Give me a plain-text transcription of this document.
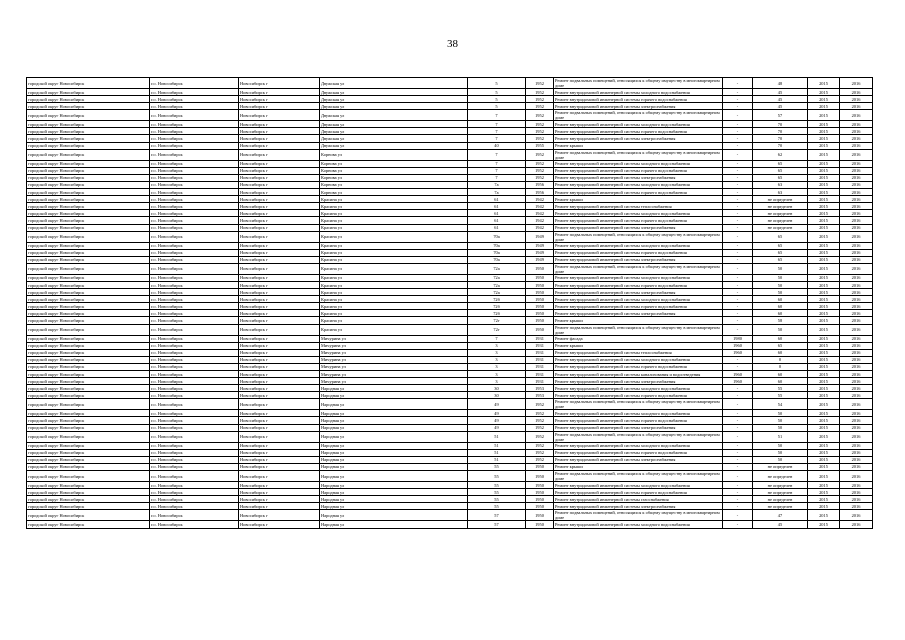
38
городской округ Новосибирск	г.о. Новосибирск	Новосибирск г	Двужская ул	5	1952	Ремонт подвальных помещений, относящихся к общему имуществу в многоквартирном доме	-	48	2015	2016
городской округ Новосибирск	г.о. Новосибирск	Новосибирск г	Двужская ул	5	1952	Ремонт внутридомовой инженерной системы холодного водоснабжения	-	45	2015	2016
городской округ Новосибирск	г.о. Новосибирск	Новосибирск г	Двужская ул	5	1952	Ремонт внутридомовой инженерной системы горячего водоснабжения	-	45	2015	2016
городской округ Новосибирск	г.о. Новосибирск	Новосибирск г	Двужская ул	5	1952	Ремонт внутридомовой инженерной системы электроснабжения	-	45	2015	2016
городской округ Новосибирск	г.о. Новосибирск	Новосибирск г	Двужская ул	7	1952	Ремонт подвальных помещений, относящихся к общему имуществу в многоквартирном доме	-	57	2015	2016
городской округ Новосибирск	г.о. Новосибирск	Новосибирск г	Двужская ул	7	1952	Ремонт внутридомовой инженерной системы холодного водоснабжения	-	70	2015	2016
городской округ Новосибирск	г.о. Новосибирск	Новосибирск г	Двужская ул	7	1952	Ремонт внутридомовой инженерной системы горячего водоснабжения	-	70	2015	2016
городской округ Новосибирск	г.о. Новосибирск	Новосибирск г	Двужская ул	7	1952	Ремонт внутридомовой инженерной системы электроснабжения	-	70	2015	2016
городской округ Новосибирск	г.о. Новосибирск	Новосибирск г	Двужская ул	40	1955	Ремонт крыши	-	70	2015	2016
городской округ Новосибирск	г.о. Новосибирск	Новосибирск г	Корнова ул	7	1952	Ремонт подвальных помещений, относящихся к общему имуществу в многоквартирном доме	-	62	2015	2016
городской округ Новосибирск	г.о. Новосибирск	Новосибирск г	Корнова ул	7	1952	Ремонт внутридомовой инженерной системы холодного водоснабжения	-	65	2015	2016
городской округ Новосибирск	г.о. Новосибирск	Новосибирск г	Корнова ул	7	1952	Ремонт внутридомовой инженерной системы горячего водоснабжения	-	65	2015	2016
городской округ Новосибирск	г.о. Новосибирск	Новосибирск г	Корнова ул	7	1952	Ремонт внутридомовой инженерной системы электроснабжения	-	65	2015	2016
городской округ Новосибирск	г.о. Новосибирск	Новосибирск г	Корнова ул	7а	1956	Ремонт внутридомовой инженерной системы холодного водоснабжения	-	63	2015	2016
городской округ Новосибирск	г.о. Новосибирск	Новосибирск г	Корнова ул	7а	1956	Ремонт внутридомовой инженерной системы горячего водоснабжения	-	63	2015	2016
городской округ Новосибирск	г.о. Новосибирск	Новосибирск г	Красина ул	61	1942	Ремонт крыши	-	не определен	2015	2016
городской округ Новосибирск	г.о. Новосибирск	Новосибирск г	Красина ул	61	1942	Ремонт внутридомовой инженерной системы теплоснабжения	-	не определен	2015	2016
городской округ Новосибирск	г.о. Новосибирск	Новосибирск г	Красина ул	61	1942	Ремонт внутридомовой инженерной системы холодного водоснабжения	-	не определен	2015	2016
городской округ Новосибирск	г.о. Новосибирск	Новосибирск г	Красина ул	61	1942	Ремонт внутридомовой инженерной системы горячего водоснабжения	-	не определен	2015	2016
городской округ Новосибирск	г.о. Новосибирск	Новосибирск г	Красина ул	61	1942	Ремонт внутридомовой инженерной системы электроснабжения	-	не определен	2015	2016
городской округ Новосибирск	г.о. Новосибирск	Новосибирск г	Красина ул	70а	1949	Ремонт подвальных помещений, относящихся к общему имуществу в многоквартирном доме	-	65	2015	2016
городской округ Новосибирск	г.о. Новосибирск	Новосибирск г	Красина ул	70а	1949	Ремонт внутридомовой инженерной системы холодного водоснабжения	-	65	2015	2016
городской округ Новосибирск	г.о. Новосибирск	Новосибирск г	Красина ул	70а	1949	Ремонт внутридомовой инженерной системы горячего водоснабжения	-	65	2015	2016
городской округ Новосибирск	г.о. Новосибирск	Новосибирск г	Красина ул	70а	1949	Ремонт внутридомовой инженерной системы электроснабжения	-	65	2015	2016
городской округ Новосибирск	г.о. Новосибирск	Новосибирск г	Красина ул	72а	1950	Ремонт подвальных помещений, относящихся к общему имуществу в многоквартирном доме	-	50	2015	2016
городской округ Новосибирск	г.о. Новосибирск	Новосибирск г	Красина ул	72а	1950	Ремонт внутридомовой инженерной системы холодного водоснабжения	-	50	2015	2016
городской округ Новосибирск	г.о. Новосибирск	Новосибирск г	Красина ул	72а	1950	Ремонт внутридомовой инженерной системы горячего водоснабжения	-	50	2015	2016
городской округ Новосибирск	г.о. Новосибирск	Новосибирск г	Красина ул	72а	1950	Ремонт внутридомовой инженерной системы электроснабжения	-	50	2015	2016
городской округ Новосибирск	г.о. Новосибирск	Новосибирск г	Красина ул	72б	1950	Ремонт внутридомовой инженерной системы холодного водоснабжения	-	60	2015	2016
городской округ Новосибирск	г.о. Новосибирск	Новосибирск г	Красина ул	72б	1950	Ремонт внутридомовой инженерной системы горячего водоснабжения	-	60	2015	2016
городской округ Новосибирск	г.о. Новосибирск	Новосибирск г	Красина ул	72б	1950	Ремонт внутридомовой инженерной системы электроснабжения	-	60	2015	2016
городской округ Новосибирск	г.о. Новосибирск	Новосибирск г	Красина ул	72г	1950	Ремонт крыши	-	58	2015	2016
городской округ Новосибирск	г.о. Новосибирск	Новосибирск г	Красина ул	72г	1950	Ремонт подвальных помещений, относящихся к общему имуществу в многоквартирном доме	-	50	2015	2016
городской округ Новосибирск	г.о. Новосибирск	Новосибирск г	Мичурина ул	7	1931	Ремонт фасада	1980	60	2015	2016
городской округ Новосибирск	г.о. Новосибирск	Новосибирск г	Мичурина ул	3	1931	Ремонт крыши	1960	65	2015	2016
городской округ Новосибирск	г.о. Новосибирск	Новосибирск г	Мичурина ул	3	1931	Ремонт внутридомовой инженерной системы теплоснабжения	1960	60	2015	2016
городской округ Новосибирск	г.о. Новосибирск	Новосибирск г	Мичурина ул	3	1931	Ремонт внутридомовой инженерной системы холодного водоснабжения	-	0	2015	2016
городской округ Новосибирск	г.о. Новосибирск	Новосибирск г	Мичурина ул	3	1931	Ремонт внутридомовой инженерной системы горячего водоснабжения	-	0	2015	2016
городской округ Новосибирск	г.о. Новосибирск	Новосибирск г	Мичурина ул	3	1931	Ремонт внутридомовой инженерной системы канализования и водоотведения	1960	60	2015	2016
городской округ Новосибирск	г.о. Новосибирск	Новосибирск г	Мичурина ул	3	1931	Ремонт внутридомовой инженерной системы электроснабжения	1960	60	2015	2016
городской округ Новосибирск	г.о. Новосибирск	Новосибирск г	Народная ул	30	1953	Ремонт внутридомовой инженерной системы холодного водоснабжения	-	55	2015	2016
городской округ Новосибирск	г.о. Новосибирск	Новосибирск г	Народная ул	30	1953	Ремонт внутридомовой инженерной системы горячего водоснабжения	-	55	2015	2016
городской округ Новосибирск	г.о. Новосибирск	Новосибирск г	Народная ул	49	1952	Ремонт подвальных помещений, относящихся к общему имуществу в многоквартирном доме	-	54	2015	2016
городской округ Новосибирск	г.о. Новосибирск	Новосибирск г	Народная ул	49	1952	Ремонт внутридомовой инженерной системы холодного водоснабжения	-	50	2015	2016
городской округ Новосибирск	г.о. Новосибирск	Новосибирск г	Народная ул	49	1952	Ремонт внутридомовой инженерной системы горячего водоснабжения	-	50	2015	2016
городской округ Новосибирск	г.о. Новосибирск	Новосибирск г	Народная ул	49	1952	Ремонт внутридомовой инженерной системы электроснабжения	-	50	2015	2016
городской округ Новосибирск	г.о. Новосибирск	Новосибирск г	Народная ул	51	1952	Ремонт подвальных помещений, относящихся к общему имуществу в многоквартирном доме	-	51	2015	2016
городской округ Новосибирск	г.о. Новосибирск	Новосибирск г	Народная ул	51	1952	Ремонт внутридомовой инженерной системы холодного водоснабжения	-	50	2015	2016
городской округ Новосибирск	г.о. Новосибирск	Новосибирск г	Народная ул	51	1952	Ремонт внутридомовой инженерной системы горячего водоснабжения	-	50	2015	2016
городской округ Новосибирск	г.о. Новосибирск	Новосибирск г	Народная ул	51	1952	Ремонт внутридомовой инженерной системы электроснабжения	-	50	2015	2016
городской округ Новосибирск	г.о. Новосибирск	Новосибирск г	Народная ул	55	1950	Ремонт крыши	-	не определен	2015	2016
городской округ Новосибирск	г.о. Новосибирск	Новосибирск г	Народная ул	55	1950	Ремонт подвальных помещений, относящихся к общему имуществу в многоквартирном доме	-	не определен	2015	2016
городской округ Новосибирск	г.о. Новосибирск	Новосибирск г	Народная ул	55	1950	Ремонт внутридомовой инженерной системы холодного водоснабжения	-	не определен	2015	2016
городской округ Новосибирск	г.о. Новосибирск	Новосибирск г	Народная ул	55	1950	Ремонт внутридомовой инженерной системы горячего водоснабжения	-	не определен	2015	2016
городской округ Новосибирск	г.о. Новосибирск	Новосибирск г	Народная ул	55	1950	Ремонт внутридомовой инженерной системы газоснабжения	-	не определен	2015	2016
городской округ Новосибирск	г.о. Новосибирск	Новосибирск г	Народная ул	55	1950	Ремонт внутридомовой инженерной системы электроснабжения	-	не определен	2015	2016
городской округ Новосибирск	г.о. Новосибирск	Новосибирск г	Народная ул	57	1950	Ремонт подвальных помещений, относящихся к общему имуществу в многоквартирном доме	-	47	2015	2016
городской округ Новосибирск	г.о. Новосибирск	Новосибирск г	Народная ул	57	1950	Ремонт внутридомовой инженерной системы холодного водоснабжения	-	45	2015	2016
